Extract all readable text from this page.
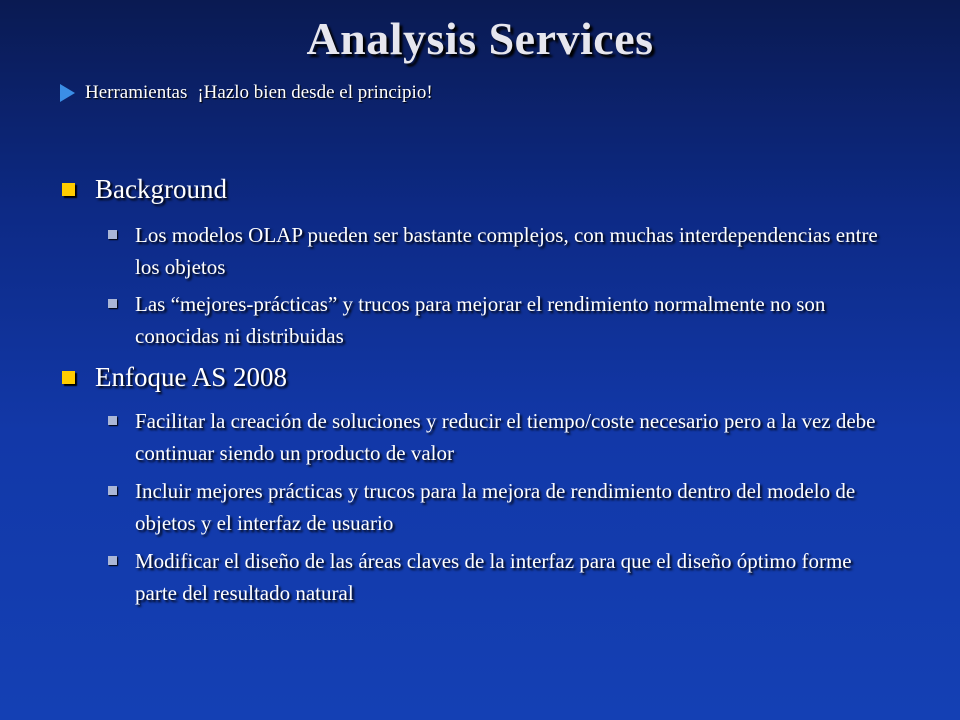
Analysis Services
Herramientas ¡Hazlo bien desde el principio!
Background
Los modelos OLAP pueden ser bastante complejos, con muchas interdependencias entre los objetos
Las “mejores-prácticas” y trucos para mejorar el rendimiento normalmente no son conocidas ni distribuidas
Enfoque AS 2008
Facilitar la creación de soluciones y reducir el tiempo/coste necesario pero a la vez debe continuar siendo un producto de valor
Incluir mejores prácticas y trucos para la mejora de rendimiento dentro del modelo de objetos y el interfaz de usuario
Modificar el diseño de las áreas claves de la interfaz para que el diseño óptimo forme parte del resultado natural
